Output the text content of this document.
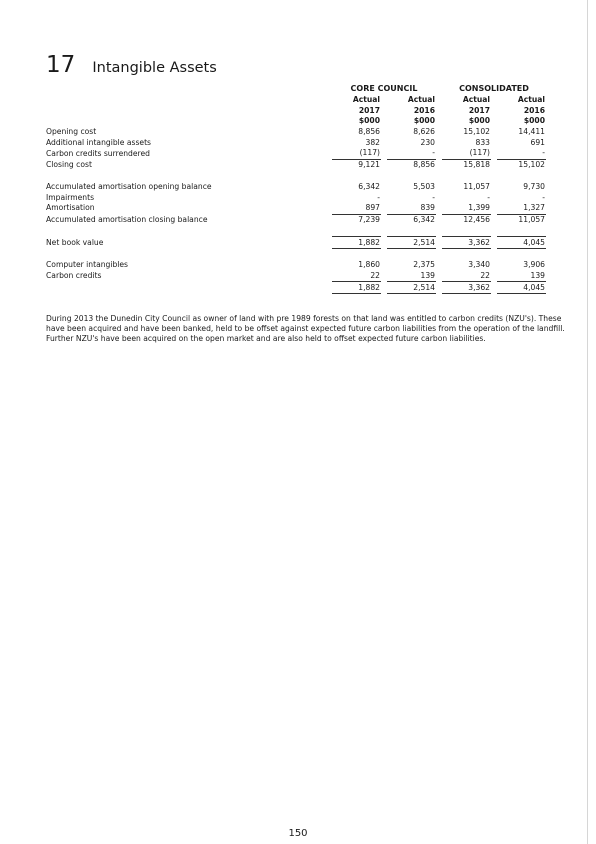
17 Intangible Assets
	CORE COUNCIL				CONSOLIDATED		
	Actual		Actual		Actual		Actual
	2017		2016		2017		2016
	$000		$000		$000		$000
Opening cost	8,856		8,626		15,102		14,411
Additional intangible assets	382		230		833		691
Carbon credits surrendered	(117)		-		(117)		-
Closing cost	9,121		8,856		15,818		15,102

Accumulated amortisation opening balance	6,342		5,503		11,057		9,730
Impairments	-		-		-		-
Amortisation	897		839		1,399		1,327
Accumulated amortisation closing balance	7,239		6,342		12,456		11,057

Net book value	1,882		2,514		3,362		4,045

Computer intangibles	1,860		2,375		3,340		3,906
Carbon credits	22		139		22		139
	1,882		2,514		3,362		4,045

During 2013 the Dunedin City Council as owner of land with pre 1989 forests on that land was entitled to carbon credits (NZU's). These have been acquired and have been banked, held to be offset against expected future carbon liabilities from the operation of the landfill. Further NZU's have been acquired on the open market and are also held to offset expected future carbon liabilities.

150
